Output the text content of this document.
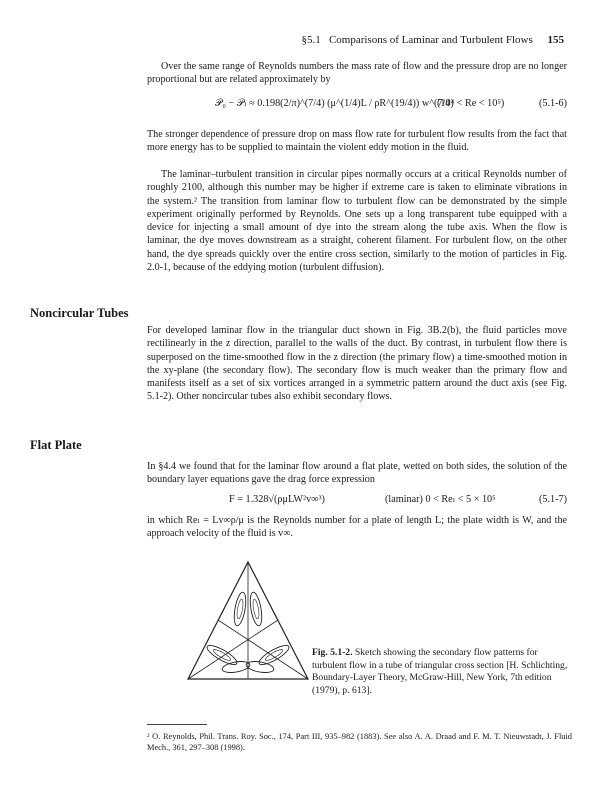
§5.1 Comparisons of Laminar and Turbulent Flows 155

Over the same range of Reynolds numbers the mass rate of flow and the pressure drop are no longer proportional but are related approximately by

𝒫₀ − 𝒫ₗ ≈ 0.198(2/π)^(7/4) (μ^(1/4)L / ρR^(19/4)) w^(7/4)
(10⁴ < Re < 10⁵)	(5.1-6)

The stronger dependence of pressure drop on mass flow rate for turbulent flow results from the fact that more energy has to be supplied to maintain the violent eddy motion in the fluid.

The laminar–turbulent transition in circular pipes normally occurs at a critical Reynolds number of roughly 2100, although this number may be higher if extreme care is taken to eliminate vibrations in the system.² The transition from laminar flow to turbulent flow can be demonstrated by the simple experiment originally performed by Reynolds. One sets up a long transparent tube equipped with a device for injecting a small amount of dye into the stream along the tube axis. When the flow is laminar, the dye moves downstream as a straight, coherent filament. For turbulent flow, on the other hand, the dye spreads quickly over the entire cross section, similarly to the motion of particles in Fig. 2.0-1, because of the eddying motion (turbulent diffusion).

Noncircular Tubes

For developed laminar flow in the triangular duct shown in Fig. 3B.2(b), the fluid particles move rectilinearly in the z direction, parallel to the walls of the duct. By contrast, in turbulent flow there is superposed on the time-smoothed flow in the z direction (the primary flow) a time-smoothed motion in the xy-plane (the secondary flow). The secondary flow is much weaker than the primary flow and manifests itself as a set of six vortices arranged in a symmetric pattern around the duct axis (see Fig. 5.1-2). Other noncircular tubes also exhibit secondary flows.

Flat Plate

In §4.4 we found that for the laminar flow around a flat plate, wetted on both sides, the solution of the boundary layer equations gave the drag force expression

F = 1.328√(ρμLW²v∞³)	(laminar) 0 < Reₗ < 5 × 10⁵	(5.1-7)

in which Reₗ = Lv∞ρ/μ is the Reynolds number for a plate of length L; the plate width is W, and the approach velocity of the fluid is v∞.

Fig. 5.1-2. Sketch showing the secondary flow patterns for turbulent flow in a tube of triangular cross section [H. Schlichting, Boundary-Layer Theory, McGraw-Hill, New York, 7th edition (1979), p. 613].
² O. Reynolds, Phil. Trans. Roy. Soc., 174, Part III, 935–982 (1883). See also A. A. Draad and F. M. T. Nieuwstadt, J. Fluid Mech., 361, 297–308 (1998).
